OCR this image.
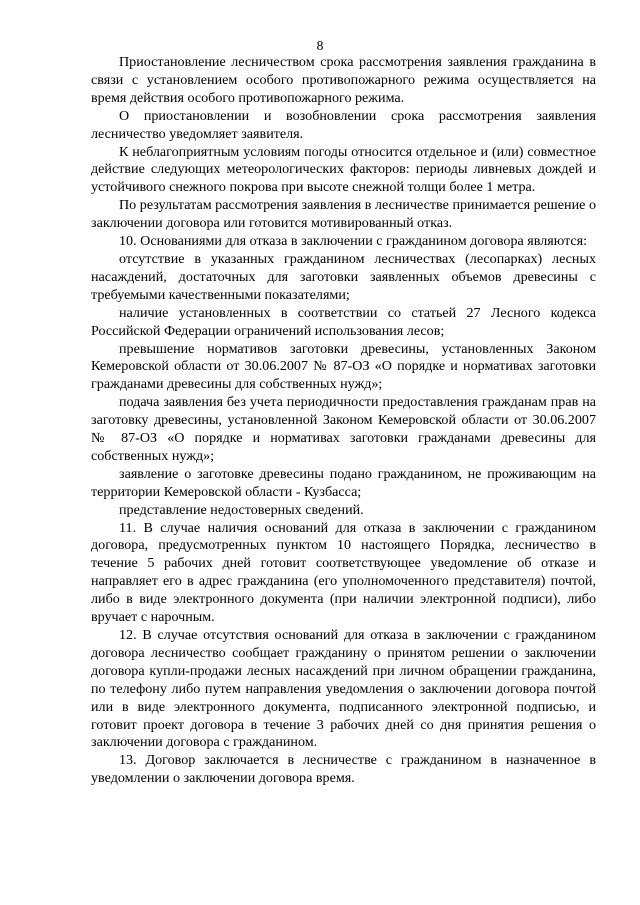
8

Приостановление лесничеством срока рассмотрения заявления гражданина в связи с установлением особого противопожарного режима осуществляется на время действия особого противопожарного режима.

О приостановлении и возобновлении срока рассмотрения заявления лесничество уведомляет заявителя.

К неблагоприятным условиям погоды относится отдельное и (или) совместное действие следующих метеорологических факторов: периоды ливневых дождей и устойчивого снежного покрова при высоте снежной толщи более 1 метра.

По результатам рассмотрения заявления в лесничестве принимается решение о заключении договора или готовится мотивированный отказ.

10. Основаниями для отказа в заключении с гражданином договора являются:

отсутствие в указанных гражданином лесничествах (лесопарках) лесных насаждений, достаточных для заготовки заявленных объемов древесины с требуемыми качественными показателями;

наличие установленных в соответствии со статьей 27 Лесного кодекса Российской Федерации ограничений использования лесов;

превышение нормативов заготовки древесины, установленных Законом Кемеровской области от 30.06.2007 № 87-ОЗ «О порядке и нормативах заготовки гражданами древесины для собственных нужд»;

подача заявления без учета периодичности предоставления гражданам прав на заготовку древесины, установленной Законом Кемеровской области от 30.06.2007 № 87-ОЗ «О порядке и нормативах заготовки гражданами древесины для собственных нужд»;

заявление о заготовке древесины подано гражданином, не проживающим на территории Кемеровской области - Кузбасса;

представление недостоверных сведений.

11. В случае наличия оснований для отказа в заключении с гражданином договора, предусмотренных пунктом 10 настоящего Порядка, лесничество в течение 5 рабочих дней готовит соответствующее уведомление об отказе и направляет его в адрес гражданина (его уполномоченного представителя) почтой, либо в виде электронного документа (при наличии электронной подписи), либо вручает с нарочным.

12. В случае отсутствия оснований для отказа в заключении с гражданином договора лесничество сообщает гражданину о принятом решении о заключении договора купли-продажи лесных насаждений при личном обращении гражданина, по телефону либо путем направления уведомления о заключении договора почтой или в виде электронного документа, подписанного электронной подписью, и готовит проект договора в течение 3 рабочих дней со дня принятия решения о заключении договора с гражданином.

13. Договор заключается в лесничестве с гражданином в назначенное в уведомлении о заключении договора время.
